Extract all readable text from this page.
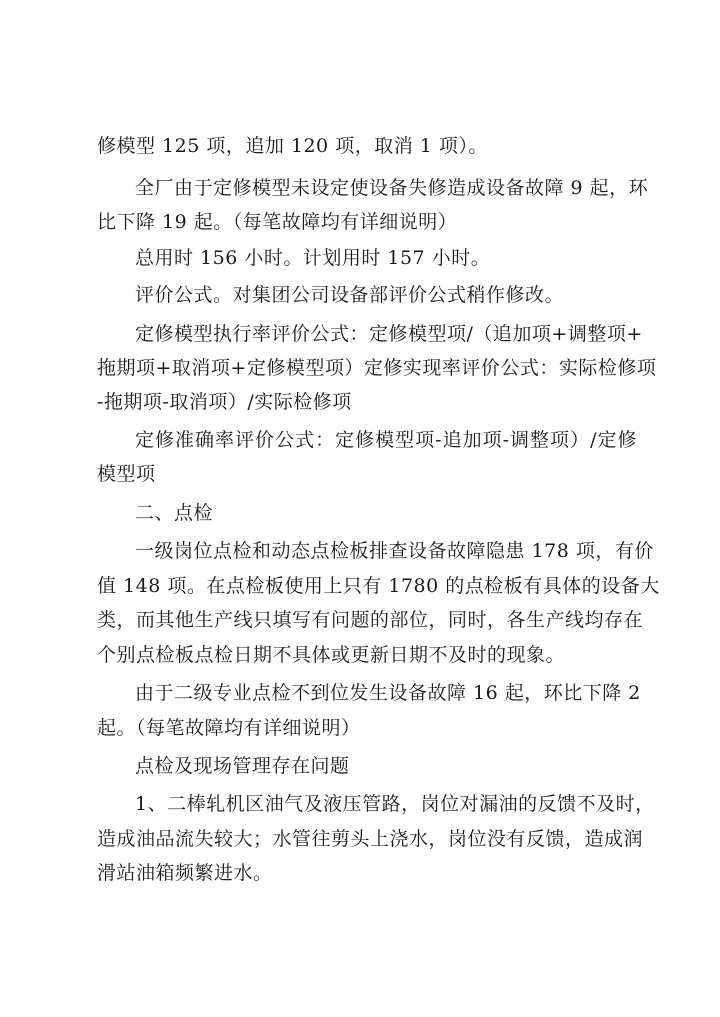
修模型 125 项，追加 120 项，取消 1 项）。
全厂由于定修模型未设定使设备失修造成设备故障 9 起，环
比下降 19 起。（每笔故障均有详细说明）
总用时 156 小时。计划用时 157 小时。
评价公式。对集团公司设备部评价公式稍作修改。
定修模型执行率评价公式：定修模型项/（追加项+调整项+
拖期项+取消项+定修模型项）定修实现率评价公式：实际检修项
-拖期项-取消项）/实际检修项
定修准确率评价公式：定修模型项-追加项-调整项）/定修
模型项
二、点检
一级岗位点检和动态点检板排查设备故障隐患 178 项，有价
值 148 项。在点检板使用上只有 1780 的点检板有具体的设备大
类，而其他生产线只填写有问题的部位，同时，各生产线均存在
个别点检板点检日期不具体或更新日期不及时的现象。
由于二级专业点检不到位发生设备故障 16 起，环比下降 2
起。（每笔故障均有详细说明）
点检及现场管理存在问题
1、二棒轧机区油气及液压管路，岗位对漏油的反馈不及时，
造成油品流失较大；水管往剪头上浇水，岗位没有反馈，造成润
滑站油箱频繁进水。
